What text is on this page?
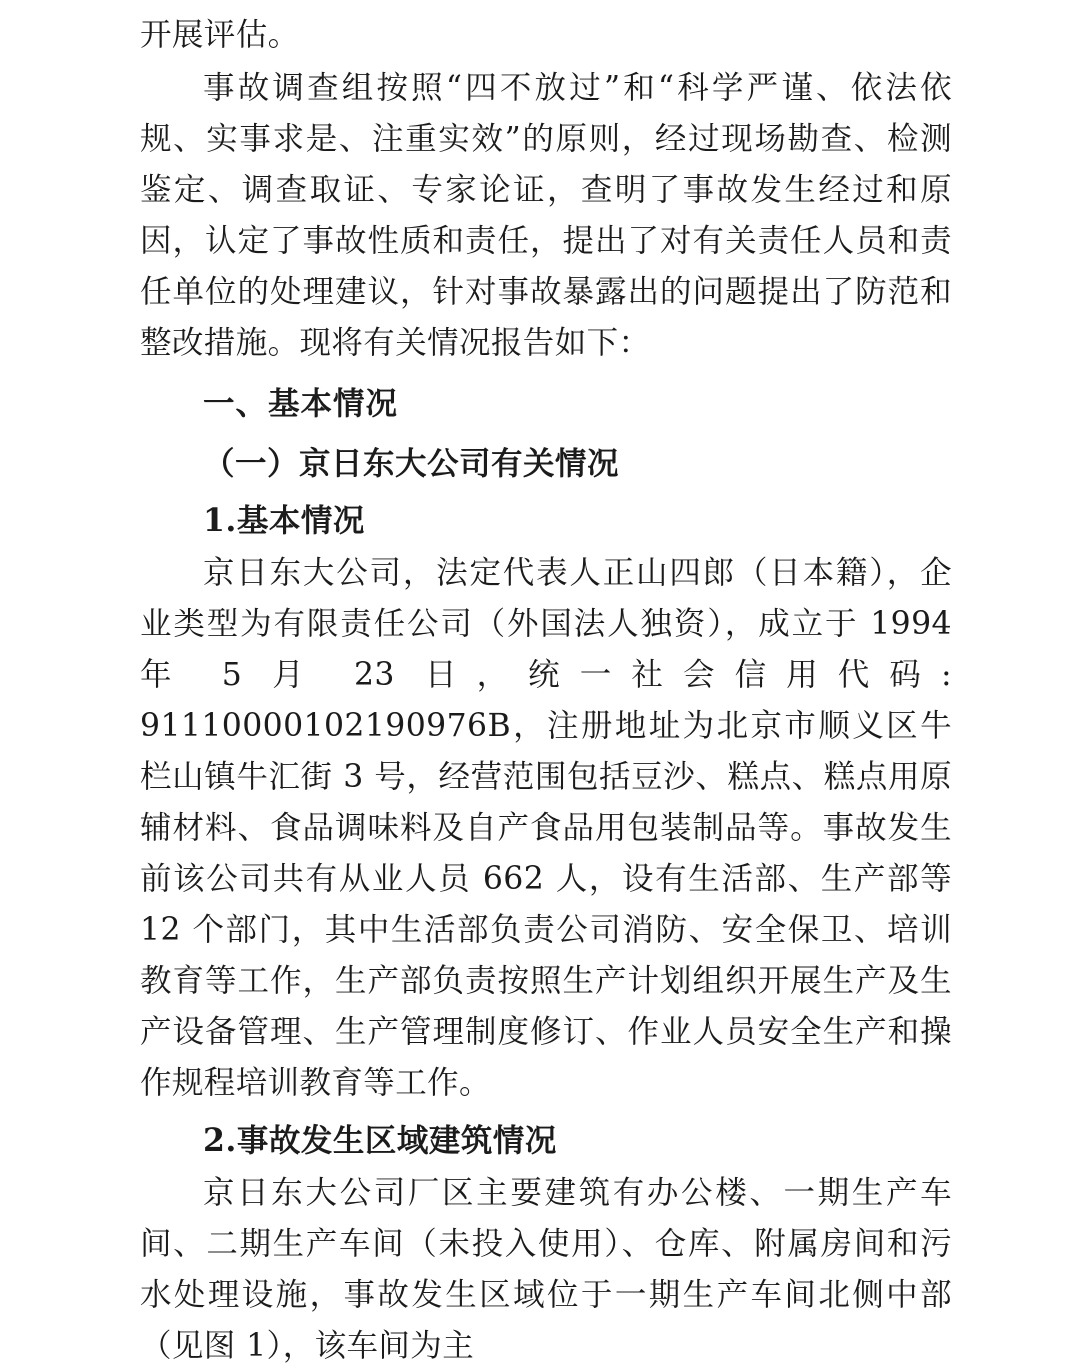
开展评估。

事故调查组按照“四不放过”和“科学严谨、依法依规、实事求是、注重实效”的原则，经过现场勘查、检测鉴定、调查取证、专家论证，查明了事故发生经过和原因，认定了事故性质和责任，提出了对有关责任人员和责任单位的处理建议，针对事故暴露出的问题提出了防范和整改措施。现将有关情况报告如下：

一、基本情况

（一）京日东大公司有关情况

1.基本情况

京日东大公司，法定代表人正山四郎（日本籍），企业类型为有限责任公司（外国法人独资），成立于 1994 年 5 月 23 日，统一社会信用代码: 91110000102190976B，注册地址为北京市顺义区牛栏山镇牛汇街 3 号，经营范围包括豆沙、糕点、糕点用原辅材料、食品调味料及自产食品用包装制品等。事故发生前该公司共有从业人员 662 人，设有生活部、生产部等 12 个部门，其中生活部负责公司消防、安全保卫、培训教育等工作，生产部负责按照生产计划组织开展生产及生产设备管理、生产管理制度修订、作业人员安全生产和操作规程培训教育等工作。

2.事故发生区域建筑情况

京日东大公司厂区主要建筑有办公楼、一期生产车间、二期生产车间（未投入使用）、仓库、附属房间和污水处理设施，事故发生区域位于一期生产车间北侧中部（见图 1），该车间为主
